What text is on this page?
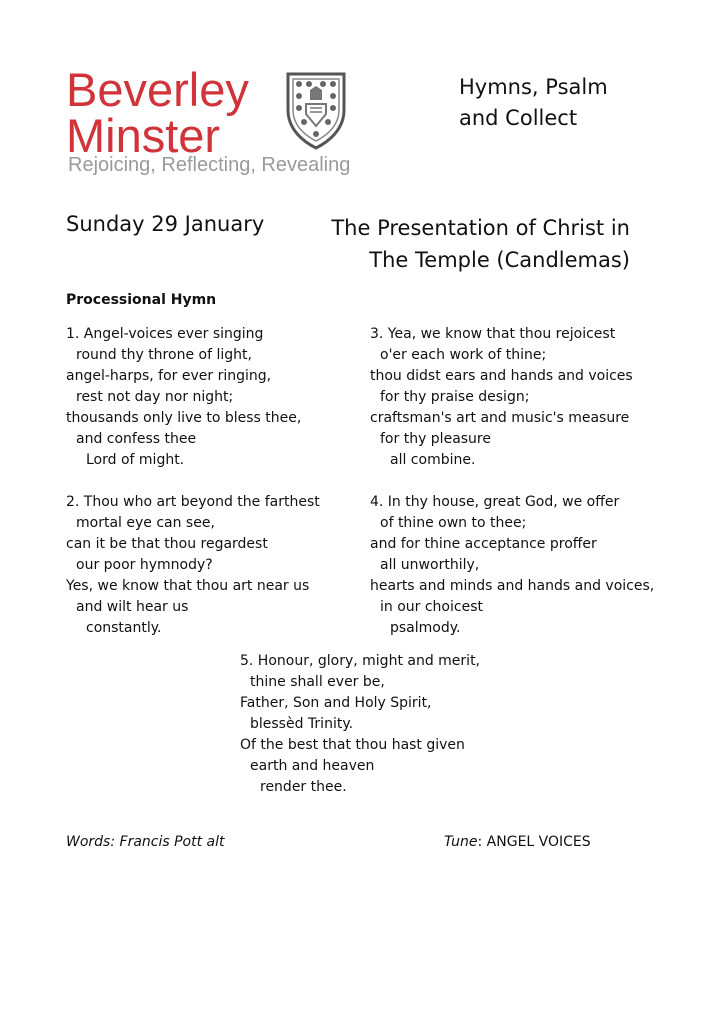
Beverley
Minster
Rejoicing, Reflecting, Revealing
Hymns, Psalm
and Collect
Sunday 29 January	The Presentation of Christ in
The Temple (Candlemas)
Processional Hymn
1. Angel-voices ever singing
round thy throne of light,
angel-harps, for ever ringing,
rest not day nor night;
thousands only live to bless thee,
and confess thee
Lord of might.
2. Thou who art beyond the farthest
mortal eye can see,
can it be that thou regardest
our poor hymnody?
Yes, we know that thou art near us
and wilt hear us
constantly.
3. Yea, we know that thou rejoicest
o'er each work of thine;
thou didst ears and hands and voices
for thy praise design;
craftsman's art and music's measure
for thy pleasure
all combine.
4. In thy house, great God, we offer
of thine own to thee;
and for thine acceptance proffer
all unworthily,
hearts and minds and hands and voices,
in our choicest
psalmody.
5. Honour, glory, might and merit,
thine shall ever be,
Father, Son and Holy Spirit,
blessèd Trinity.
Of the best that thou hast given
earth and heaven
render thee.
Words: Francis Pott alt	Tune: ANGEL VOICES
